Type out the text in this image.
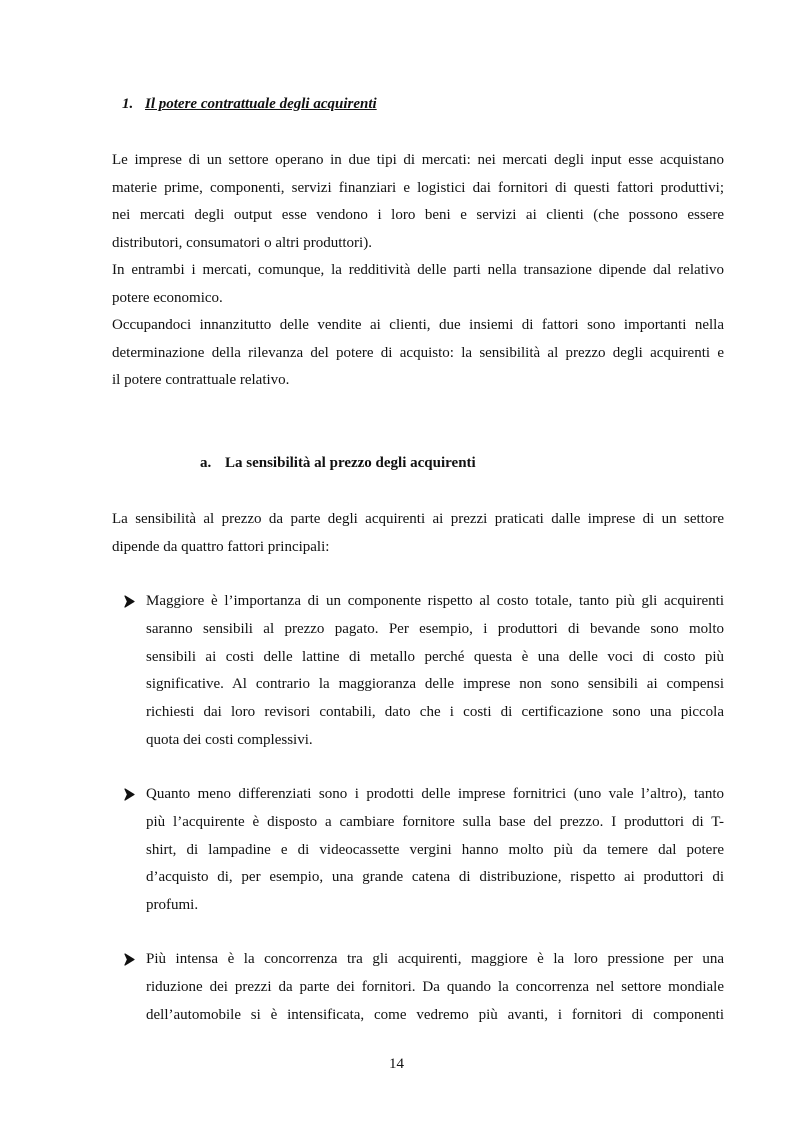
1. Il potere contrattuale degli acquirenti

Le imprese di un settore operano in due tipi di mercati: nei mercati degli input esse acquistano
materie prime, componenti, servizi finanziari e logistici dai fornitori di questi fattori produttivi;
nei mercati degli output esse vendono i loro beni e servizi ai clienti (che possono essere
distributori, consumatori o altri produttori).
In entrambi i mercati, comunque, la redditività delle parti nella transazione dipende dal relativo
potere economico.
Occupandoci innanzitutto delle vendite ai clienti, due insiemi di fattori sono importanti nella
determinazione della rilevanza del potere di acquisto: la sensibilità al prezzo degli acquirenti e
il potere contrattuale relativo.

a. La sensibilità al prezzo degli acquirenti

La sensibilità al prezzo da parte degli acquirenti ai prezzi praticati dalle imprese di un settore
dipende da quattro fattori principali:

Maggiore è l’importanza di un componente rispetto al costo totale, tanto più gli acquirenti
saranno sensibili al prezzo pagato. Per esempio, i produttori di bevande sono molto
sensibili ai costi delle lattine di metallo perché questa è una delle voci di costo più
significative. Al contrario la maggioranza delle imprese non sono sensibili ai compensi
richiesti dai loro revisori contabili, dato che i costi di certificazione sono una piccola
quota dei costi complessivi.

Quanto meno differenziati sono i prodotti delle imprese fornitrici (uno vale l’altro), tanto
più l’acquirente è disposto a cambiare fornitore sulla base del prezzo. I produttori di T-
shirt, di lampadine e di videocassette vergini hanno molto più da temere dal potere
d’acquisto di, per esempio, una grande catena di distribuzione, rispetto ai produttori di
profumi.

Più intensa è la concorrenza tra gli acquirenti, maggiore è la loro pressione per una
riduzione dei prezzi da parte dei fornitori. Da quando la concorrenza nel settore mondiale
dell’automobile si è intensificata, come vedremo più avanti, i fornitori di componenti

14
